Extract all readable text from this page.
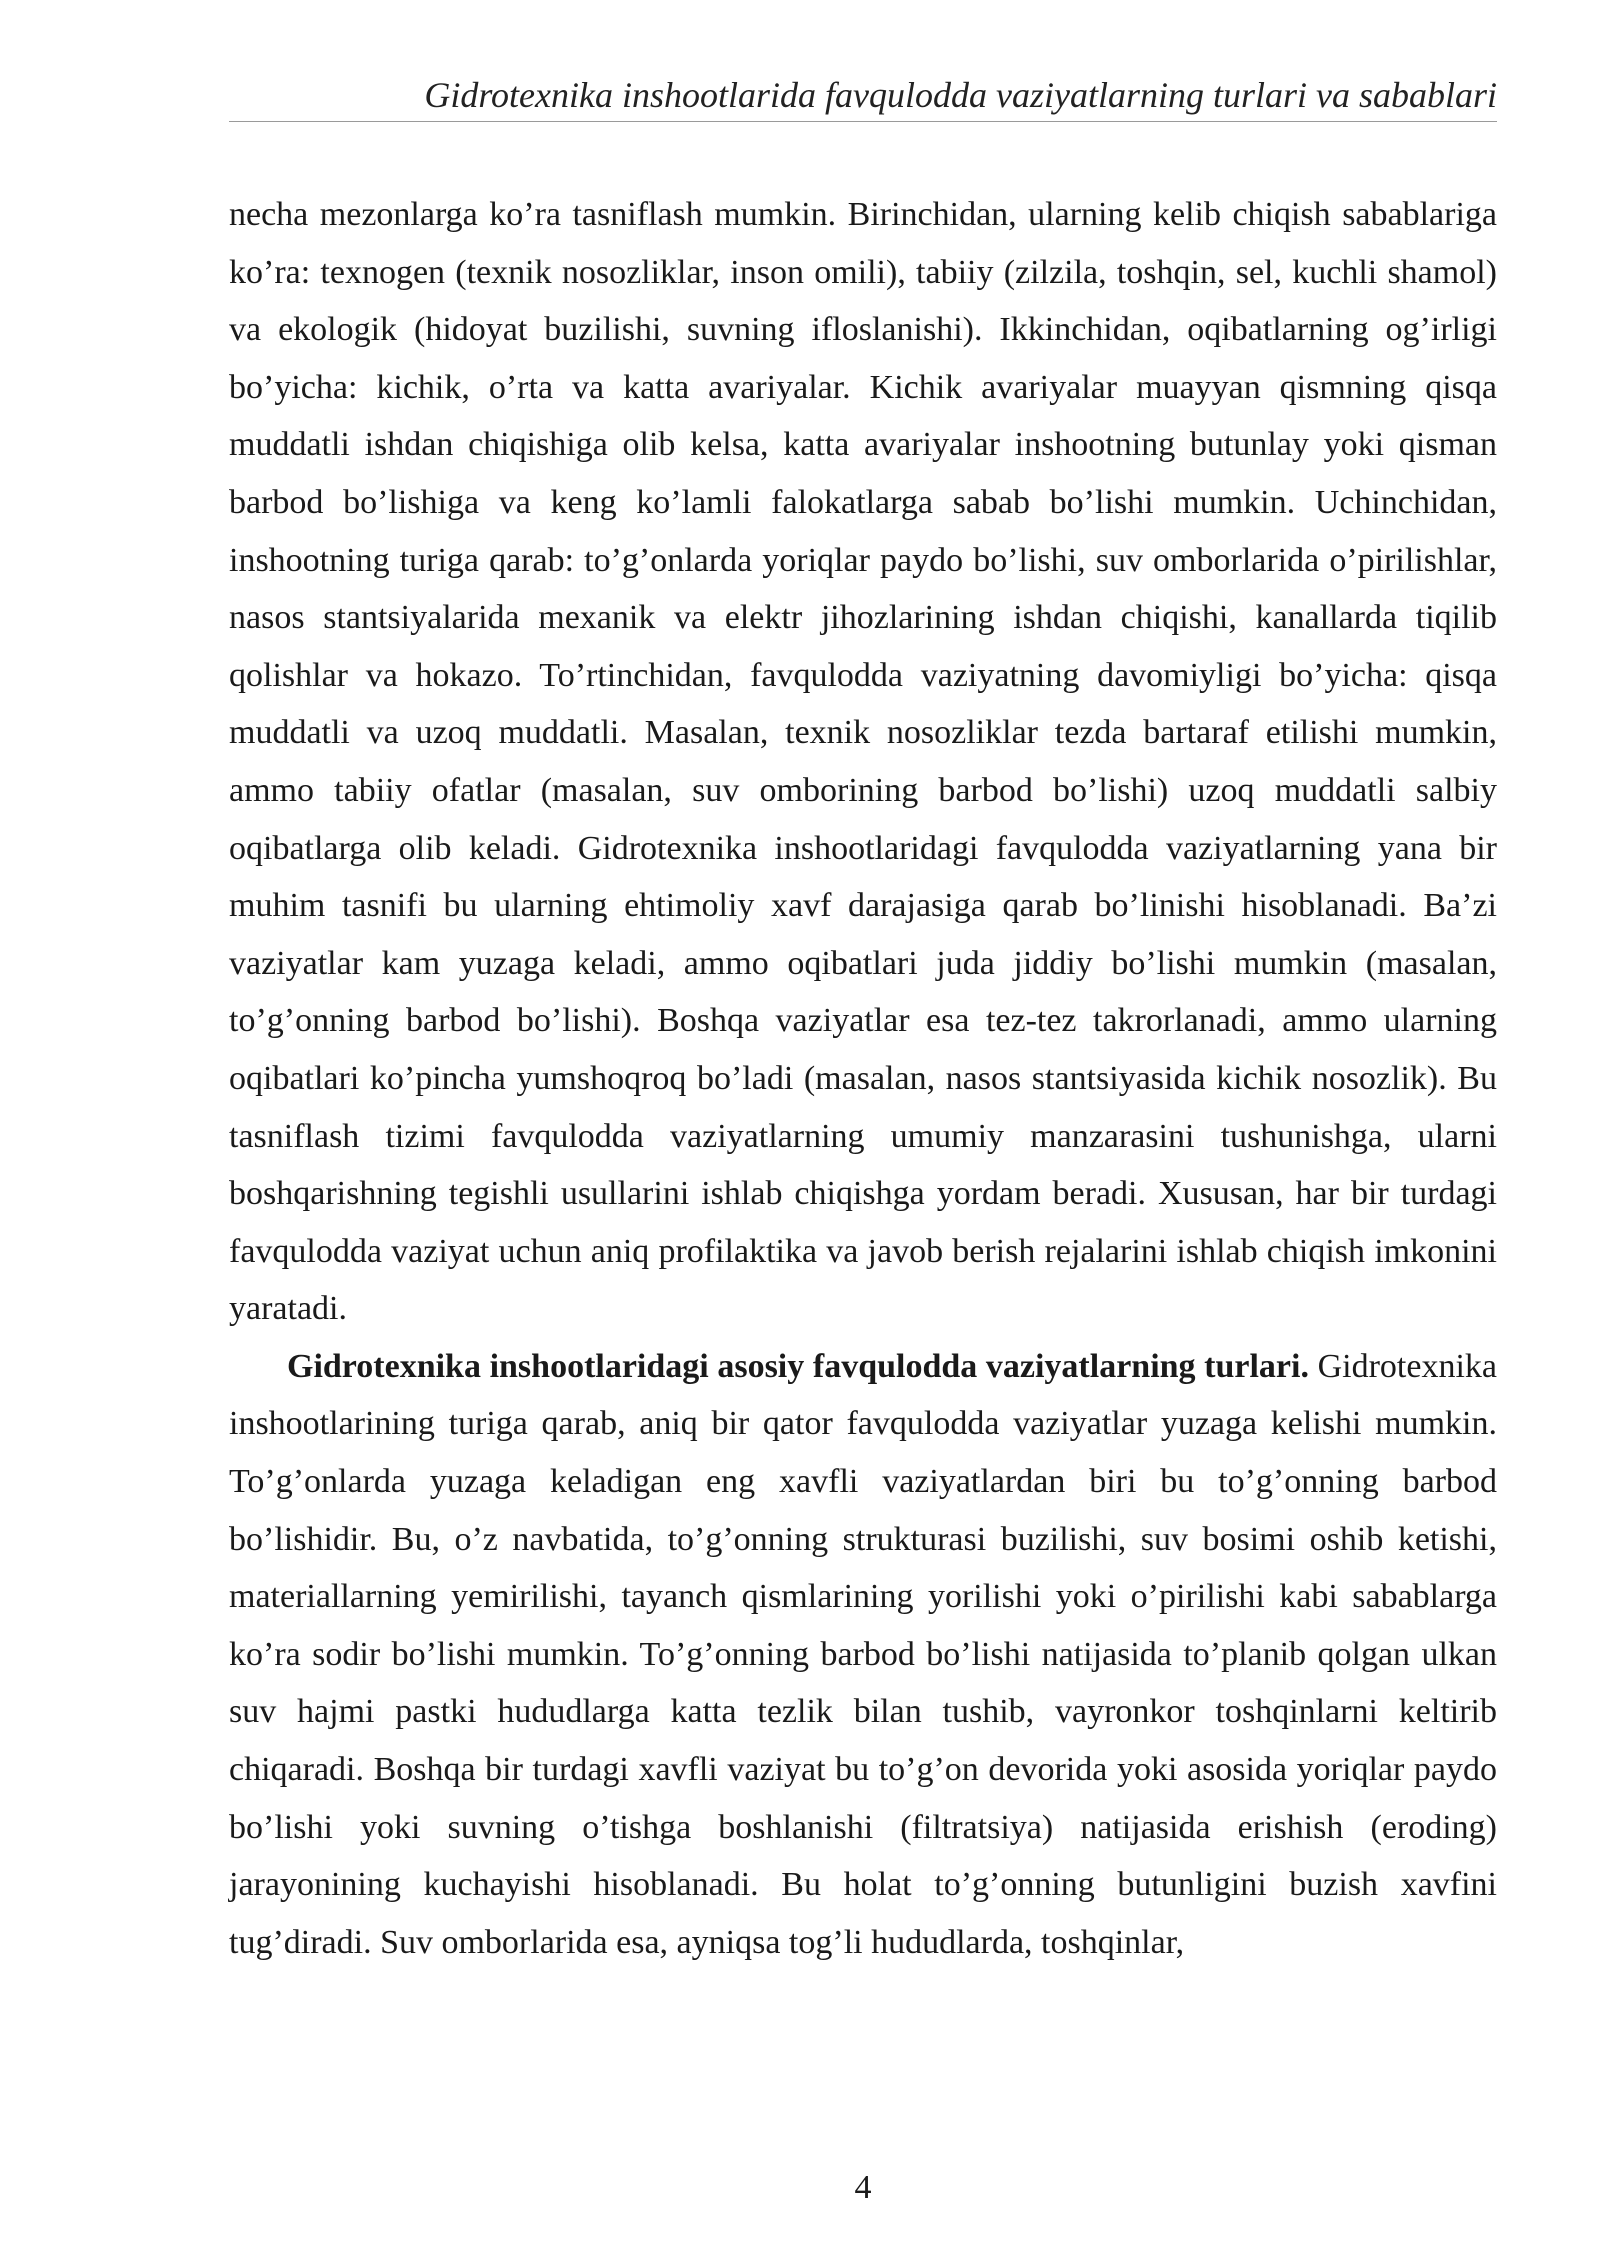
Gidrotexnika inshootlarida favqulodda vaziyatlarning turlari va sabablari

necha mezonlarga ko’ra tasniflash mumkin. Birinchidan, ularning kelib chiqish sabablariga ko’ra: texnogen (texnik nosozliklar, inson omili), tabiiy (zilzila, toshqin, sel, kuchli shamol) va ekologik (hidoyat buzilishi, suvning ifloslanishi). Ikkinchidan, oqibatlarning og’irligi bo’yicha: kichik, o’rta va katta avariyalar. Kichik avariyalar muayyan qismning qisqa muddatli ishdan chiqishiga olib kelsa, katta avariyalar inshootning butunlay yoki qisman barbod bo’lishiga va keng ko’lamli falokatlarga sabab bo’lishi mumkin. Uchinchidan, inshootning turiga qarab: to’g’onlarda yoriqlar paydo bo’lishi, suv omborlarida o’pirilishlar, nasos stantsiyalarida mexanik va elektr jihozlarining ishdan chiqishi, kanallarda tiqilib qolishlar va hokazo. To’rtinchidan, favqulodda vaziyatning davomiyligi bo’yicha: qisqa muddatli va uzoq muddatli. Masalan, texnik nosozliklar tezda bartaraf etilishi mumkin, ammo tabiiy ofatlar (masalan, suv omborining barbod bo’lishi) uzoq muddatli salbiy oqibatlarga olib keladi. Gidrotexnika inshootlaridagi favqulodda vaziyatlarning yana bir muhim tasnifi bu ularning ehtimoliy xavf darajasiga qarab bo’linishi hisoblanadi. Ba’zi vaziyatlar kam yuzaga keladi, ammo oqibatlari juda jiddiy bo’lishi mumkin (masalan, to’g’onning barbod bo’lishi). Boshqa vaziyatlar esa tez-tez takrorlanadi, ammo ularning oqibatlari ko’pincha yumshoqroq bo’ladi (masalan, nasos stantsiyasida kichik nosozlik). Bu tasniflash tizimi favqulodda vaziyatlarning umumiy manzarasini tushunishga, ularni boshqarishning tegishli usullarini ishlab chiqishga yordam beradi. Xususan, har bir turdagi favqulodda vaziyat uchun aniq profilaktika va javob berish rejalarini ishlab chiqish imkonini yaratadi.

Gidrotexnika inshootlaridagi asosiy favqulodda vaziyatlarning turlari. Gidrotexnika inshootlarining turiga qarab, aniq bir qator favqulodda vaziyatlar yuzaga kelishi mumkin. To’g’onlarda yuzaga keladigan eng xavfli vaziyatlardan biri bu to’g’onning barbod bo’lishidir. Bu, o’z navbatida, to’g’onning strukturasi buzilishi, suv bosimi oshib ketishi, materiallarning yemirilishi, tayanch qismlarining yorilishi yoki o’pirilishi kabi sabablarga ko’ra sodir bo’lishi mumkin. To’g’onning barbod bo’lishi natijasida to’planib qolgan ulkan suv hajmi pastki hududlarga katta tezlik bilan tushib, vayronkor toshqinlarni keltirib chiqaradi. Boshqa bir turdagi xavfli vaziyat bu to’g’on devorida yoki asosida yoriqlar paydo bo’lishi yoki suvning o’tishga boshlanishi (filtratsiya) natijasida erishish (eroding) jarayonining kuchayishi hisoblanadi. Bu holat to’g’onning butunligini buzish xavfini tug’diradi. Suv omborlarida esa, ayniqsa tog’li hududlarda, toshqinlar,

4
